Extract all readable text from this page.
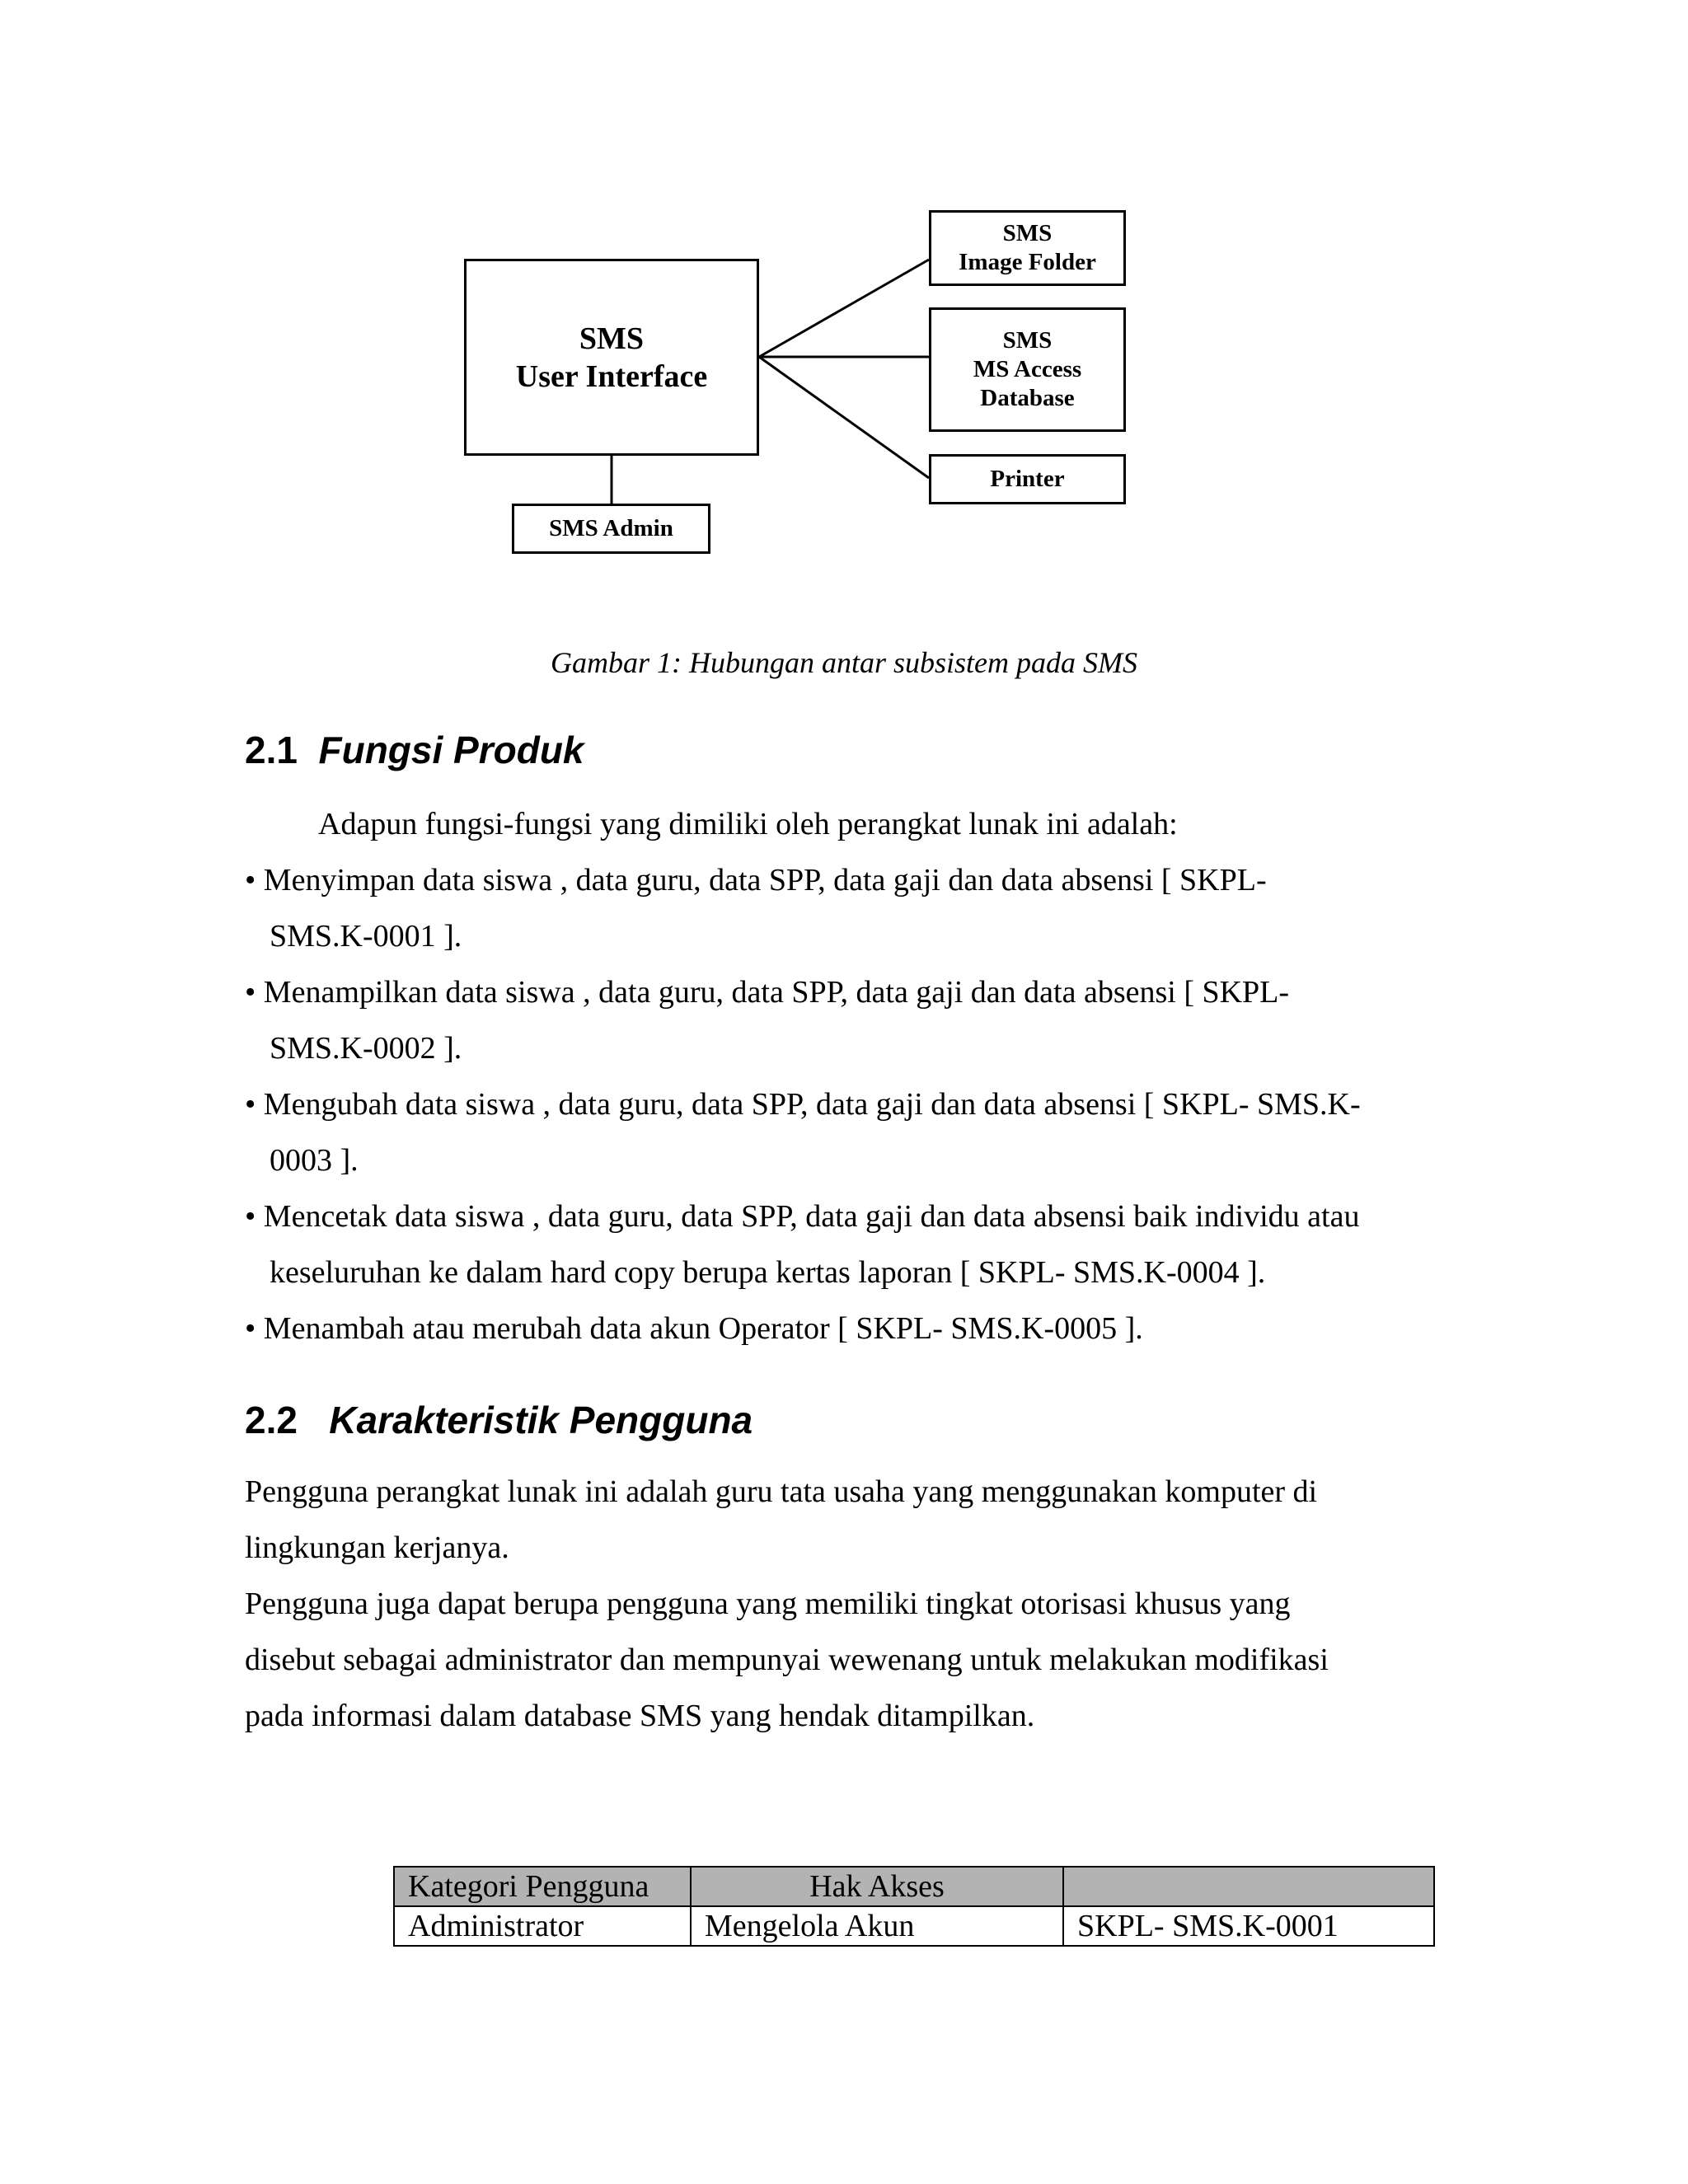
SMS
User Interface
SMS Admin
SMS
Image Folder
SMS
MS Access
Database
Printer
Gambar 1: Hubungan antar subsistem pada SMS
2.1 Fungsi Produk

Adapun fungsi-fungsi yang dimiliki oleh perangkat lunak ini adalah:

• Menyimpan data siswa , data guru, data SPP, data gaji dan data absensi [ SKPL-
SMS.K-0001 ].
• Menampilkan data siswa , data guru, data SPP, data gaji dan data absensi [ SKPL-
SMS.K-0002 ].
• Mengubah data siswa , data guru, data SPP, data gaji dan data absensi [ SKPL- SMS.K-
0003 ].
• Mencetak data siswa , data guru, data SPP, data gaji dan data absensi baik individu atau
keseluruhan ke dalam hard copy berupa kertas laporan [ SKPL- SMS.K-0004 ].
• Menambah atau merubah data akun Operator [ SKPL- SMS.K-0005 ].
2.2 Karakteristik Pengguna
Pengguna perangkat lunak ini adalah guru tata usaha yang menggunakan komputer di
lingkungan kerjanya.
Pengguna juga dapat berupa pengguna yang memiliki tingkat otorisasi khusus yang
disebut sebagai administrator dan mempunyai wewenang untuk melakukan modifikasi
pada informasi dalam database SMS yang hendak ditampilkan.
Kategori Pengguna	Hak Akses	
Administrator	Mengelola Akun	SKPL- SMS.K-0001
